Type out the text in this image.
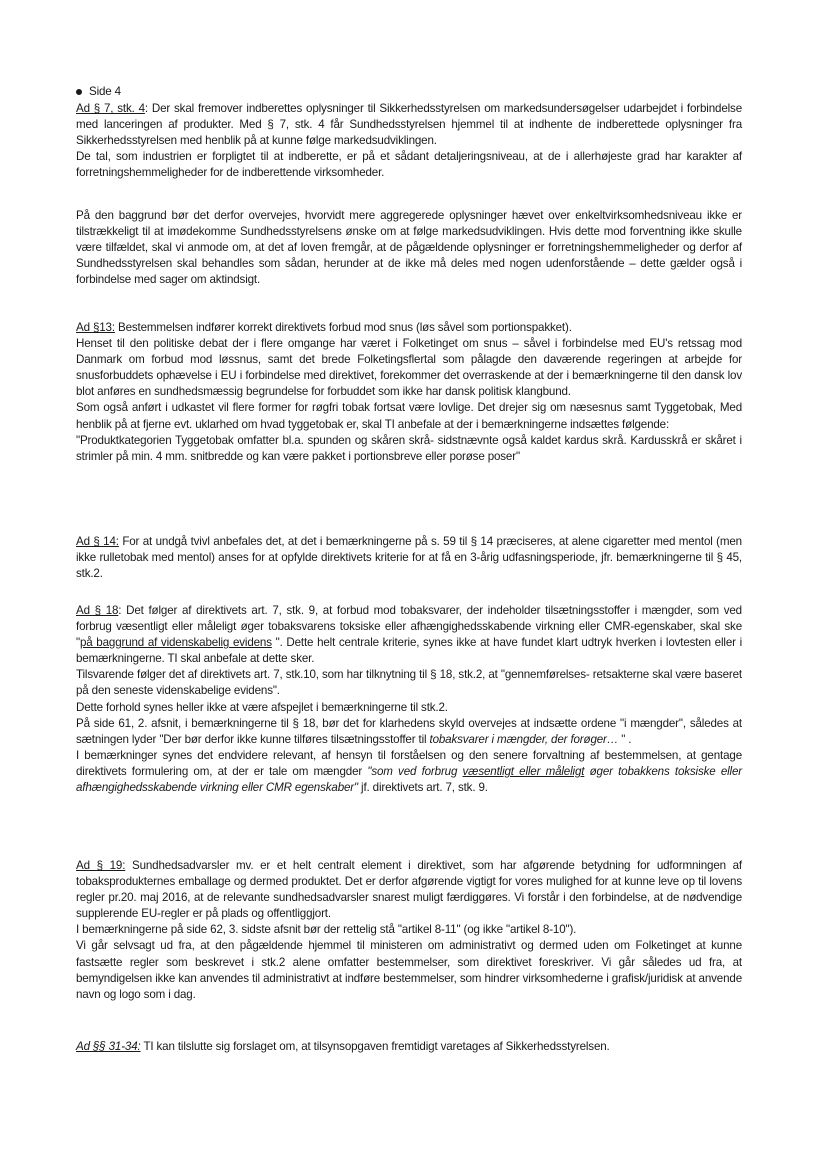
Side 4

Ad § 7, stk. 4: Der skal fremover indberettes oplysninger til Sikkerhedsstyrelsen om markedsundersøgelser udarbejdet i forbindelse med lanceringen af produkter. Med § 7, stk. 4 får Sundhedsstyrelsen hjemmel til at indhente de indberettede oplysninger fra Sikkerhedsstyrelsen med henblik på at kunne følge markedsudviklingen.

De tal, som industrien er forpligtet til at indberette, er på et sådant detaljeringsniveau, at de i allerhøjeste grad har karakter af forretningshemmeligheder for de indberettende virksomheder.

På den baggrund bør det derfor overvejes, hvorvidt mere aggregerede oplysninger hævet over enkeltvirksomhedsniveau ikke er tilstrækkeligt til at imødekomme Sundhedsstyrelsens ønske om at følge markedsudviklingen. Hvis dette mod forventning ikke skulle være tilfældet, skal vi anmode om, at det af loven fremgår, at de pågældende oplysninger er forretningshemmeligheder og derfor af Sundhedsstyrelsen skal behandles som sådan, herunder at de ikke må deles med nogen udenforstående – dette gælder også i forbindelse med sager om aktindsigt.

Ad §13: Bestemmelsen indfører korrekt direktivets forbud mod snus (løs såvel som portionspakket).

Henset til den politiske debat der i flere omgange har været i Folketinget om snus – såvel i forbindelse med EU's retssag mod Danmark om forbud mod løssnus, samt det brede Folketingsflertal som pålagde den daværende regeringen at arbejde for snusforbuddets ophævelse i EU i forbindelse med direktivet, forekommer det overraskende at der i bemærkningerne til den dansk lov blot anføres en sundhedsmæssig begrundelse for forbuddet som ikke har dansk politisk klangbund.

Som også anført i udkastet vil flere former for røgfri tobak fortsat være lovlige. Det drejer sig om næsesnus samt Tyggetobak, Med henblik på at fjerne evt. uklarhed om hvad tyggetobak er, skal TI anbefale at der i bemærkningerne indsættes følgende:

"Produktkategorien Tyggetobak omfatter bl.a. spunden og skåren skrå- sidstnævnte også kaldet kardus skrå. Kardusskrå er skåret i strimler på min. 4 mm. snitbredde og kan være pakket i portionsbreve eller porøse poser"

Ad § 14: For at undgå tvivl anbefales det, at det i bemærkningerne på s. 59 til § 14 præciseres, at alene cigaretter med mentol (men ikke rulletobak med mentol) anses for at opfylde direktivets kriterie for at få en 3-årig udfasningsperiode, jfr. bemærkningerne til § 45, stk.2.

Ad § 18: Det følger af direktivets art. 7, stk. 9, at forbud mod tobaksvarer, der indeholder tilsætningsstoffer i mængder, som ved forbrug væsentligt eller måleligt øger tobaksvarens toksiske eller afhængighedsskabende virkning eller CMR-egenskaber, skal ske "på baggrund af videnskabelig evidens ". Dette helt centrale kriterie, synes ikke at have fundet klart udtryk hverken i lovtesten eller i bemærkningerne. TI skal anbefale at dette sker.

Tilsvarende følger det af direktivets art. 7, stk.10, som har tilknytning til § 18, stk.2, at "gennemførelses- retsakterne skal være baseret på den seneste videnskabelige evidens".

Dette forhold synes heller ikke at være afspejlet i bemærkningerne til stk.2.

På side 61, 2. afsnit, i bemærkningerne til § 18, bør det for klarhedens skyld overvejes at indsætte ordene "i mængder", således at sætningen lyder "Der bør derfor ikke kunne tilføres tilsætningsstoffer til tobaksvarer i mængder, der forøger… " .

I bemærkninger synes det endvidere relevant, af hensyn til forståelsen og den senere forvaltning af bestemmelsen, at gentage direktivets formulering om, at der er tale om mængder "som ved forbrug væsentligt eller måleligt øger tobakkens toksiske eller afhængighedsskabende virkning eller CMR egenskaber" jf. direktivets art. 7, stk. 9.

Ad § 19: Sundhedsadvarsler mv. er et helt centralt element i direktivet, som har afgørende betydning for udformningen af tobaksprodukternes emballage og dermed produktet. Det er derfor afgørende vigtigt for vores mulighed for at kunne leve op til lovens regler pr.20. maj 2016, at de relevante sundhedsadvarsler snarest muligt færdiggøres. Vi forstår i den forbindelse, at de nødvendige supplerende EU-regler er på plads og offentliggjort.

I bemærkningerne på side 62, 3. sidste afsnit bør der rettelig stå "artikel 8-11" (og ikke "artikel 8-10").

Vi går selvsagt ud fra, at den pågældende hjemmel til ministeren om administrativt og dermed uden om Folketinget at kunne fastsætte regler som beskrevet i stk.2 alene omfatter bestemmelser, som direktivet foreskriver. Vi går således ud fra, at bemyndigelsen ikke kan anvendes til administrativt at indføre bestemmelser, som hindrer virksomhederne i grafisk/juridisk at anvende navn og logo som i dag.

Ad §§ 31-34: TI kan tilslutte sig forslaget om, at tilsynsopgaven fremtidigt varetages af Sikkerhedsstyrelsen.
